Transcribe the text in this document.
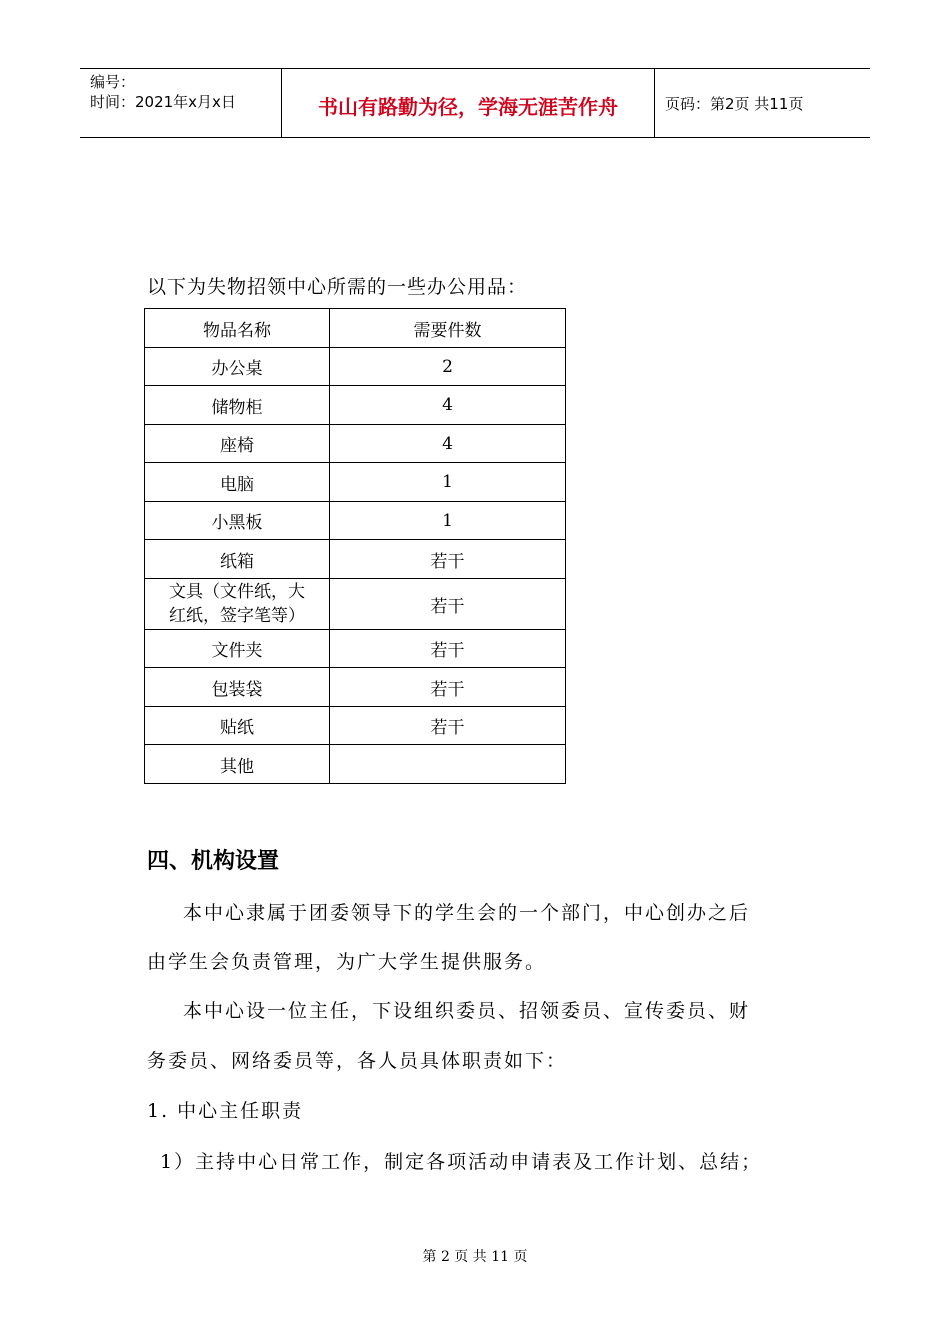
编号：
时间：2021年x月x日	书山有路勤为径，学海无涯苦作舟	页码：第2页 共11页
以下为失物招领中心所需的一些办公用品：
物品名称	需要件数
办公桌	2
储物柜	4
座椅	4
电脑	1
小黑板	1
纸箱	若干

文具（文件纸，大
红纸，签字笔等）	若干
文件夹	若干
包装袋	若干
贴纸	若干
其他	
四、机构设置
本中心隶属于团委领导下的学生会的一个部门，中心创办之后
由学生会负责管理，为广大学生提供服务。
本中心设一位主任，下设组织委员、招领委员、宣传委员、财
务委员、网络委员等，各人员具体职责如下：
1. 中心主任职责
1）主持中心日常工作，制定各项活动申请表及工作计划、总结；
第 2 页 共 11 页
